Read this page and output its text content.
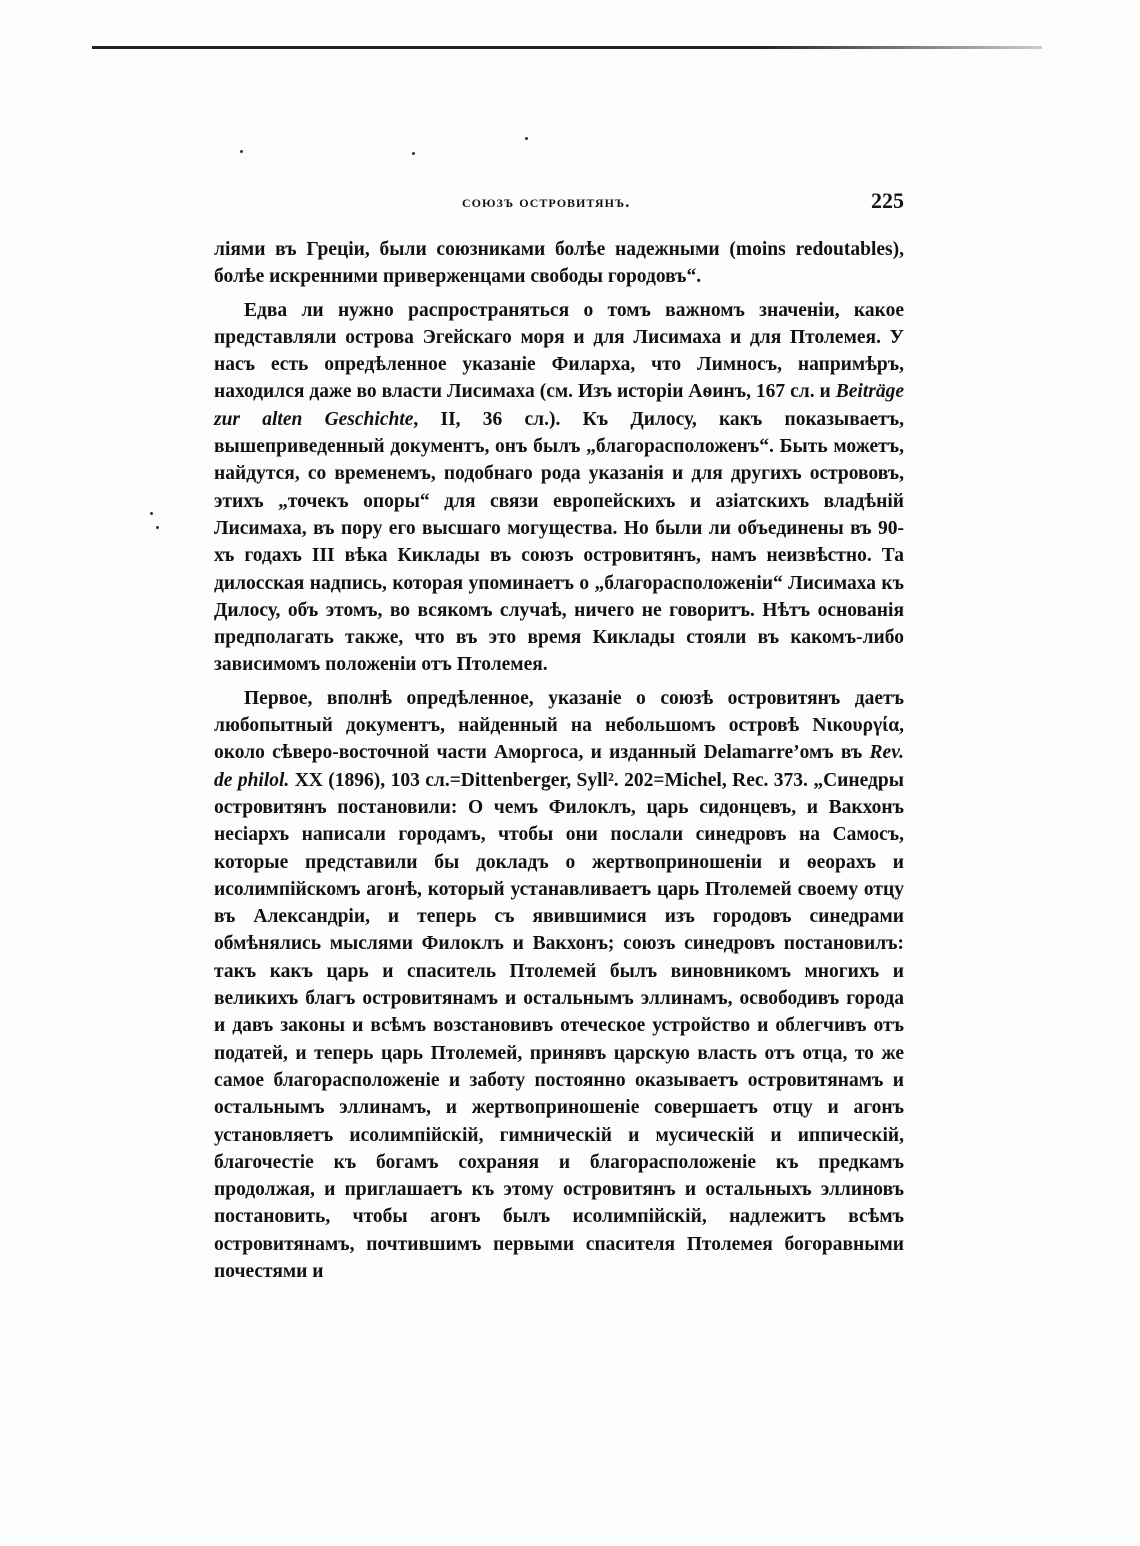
союзъ островитянъ.	225

ліями въ Греціи, были союзниками болѣе надежными (moins redoutables), болѣе искренними приверженцами свободы городовъ“.

Едва ли нужно распространяться о томъ важномъ значеніи, какое представляли острова Эгейскаго моря и для Лисимаха и для Птолемея. У насъ есть опредѣленное указаніе Филарха, что Лимносъ, напримѣръ, находился даже во власти Лисимаха (см. Изъ исторіи Аѳинъ, 167 сл. и Beiträge zur alten Geschichte, II, 36 сл.). Къ Дилосу, какъ показываетъ, вышеприведенный документъ, онъ былъ „благорасположенъ“. Быть можетъ, найдутся, со временемъ, подобнаго рода указанія и для другихъ острововъ, этихъ „точекъ опоры“ для связи европейскихъ и азіатскихъ владѣній Лисимаха, въ пору его высшаго могущества. Но были ли объединены въ 90-хъ годахъ III вѣка Киклады въ союзъ островитянъ, намъ неизвѣстно. Та дилосская надпись, которая упоминаетъ о „благорасположеніи“ Лисимаха къ Дилосу, объ этомъ, во всякомъ случаѣ, ничего не говоритъ. Нѣтъ основанія предполагать также, что въ это время Киклады стояли въ какомъ-либо зависимомъ положеніи отъ Птолемея.

Первое, вполнѣ опредѣленное, указаніе о союзѣ островитянъ даетъ любопытный документъ, найденный на небольшомъ островѣ Νικουργία, около сѣверо-восточной части Аморгоса, и изданный Delamarre’омъ въ Rev. de philol. XX (1896), 103 сл.=Dittenberger, Syll². 202=Michel, Rec. 373. „Синедры островитянъ постановили: О чемъ Филоклъ, царь сидонцевъ, и Вакхонъ несіархъ написали городамъ, чтобы они послали синедровъ на Самосъ, которые представили бы докладъ о жертвоприношеніи и ѳеорахъ и исолимпійскомъ агонѣ, который устанавливаетъ царь Птолемей своему отцу въ Александріи, и теперь съ явившимися изъ городовъ синедрами обмѣнялись мыслями Филоклъ и Вакхонъ; союзъ синедровъ постановилъ: такъ какъ царь и спаситель Птолемей былъ виновникомъ многихъ и великихъ благъ островитянамъ и остальнымъ эллинамъ, освободивъ города и давъ законы и всѣмъ возстановивъ отеческое устройство и облегчивъ отъ податей, и теперь царь Птолемей, принявъ царскую власть отъ отца, то же самое благорасположеніе и заботу постоянно оказываетъ островитянамъ и остальнымъ эллинамъ, и жертвоприношеніе совершаетъ отцу и агонъ установляетъ исолимпійскій, гимническій и мусическій и иппическій, благочестіе къ богамъ сохраняя и благорасположеніе къ предкамъ продолжая, и приглашаетъ къ этому островитянъ и остальныхъ эллиновъ постановить, чтобы агонъ былъ исолимпійскій, надлежитъ всѣмъ островитянамъ, почтившимъ первыми спасителя Птолемея богоравными почестями и
